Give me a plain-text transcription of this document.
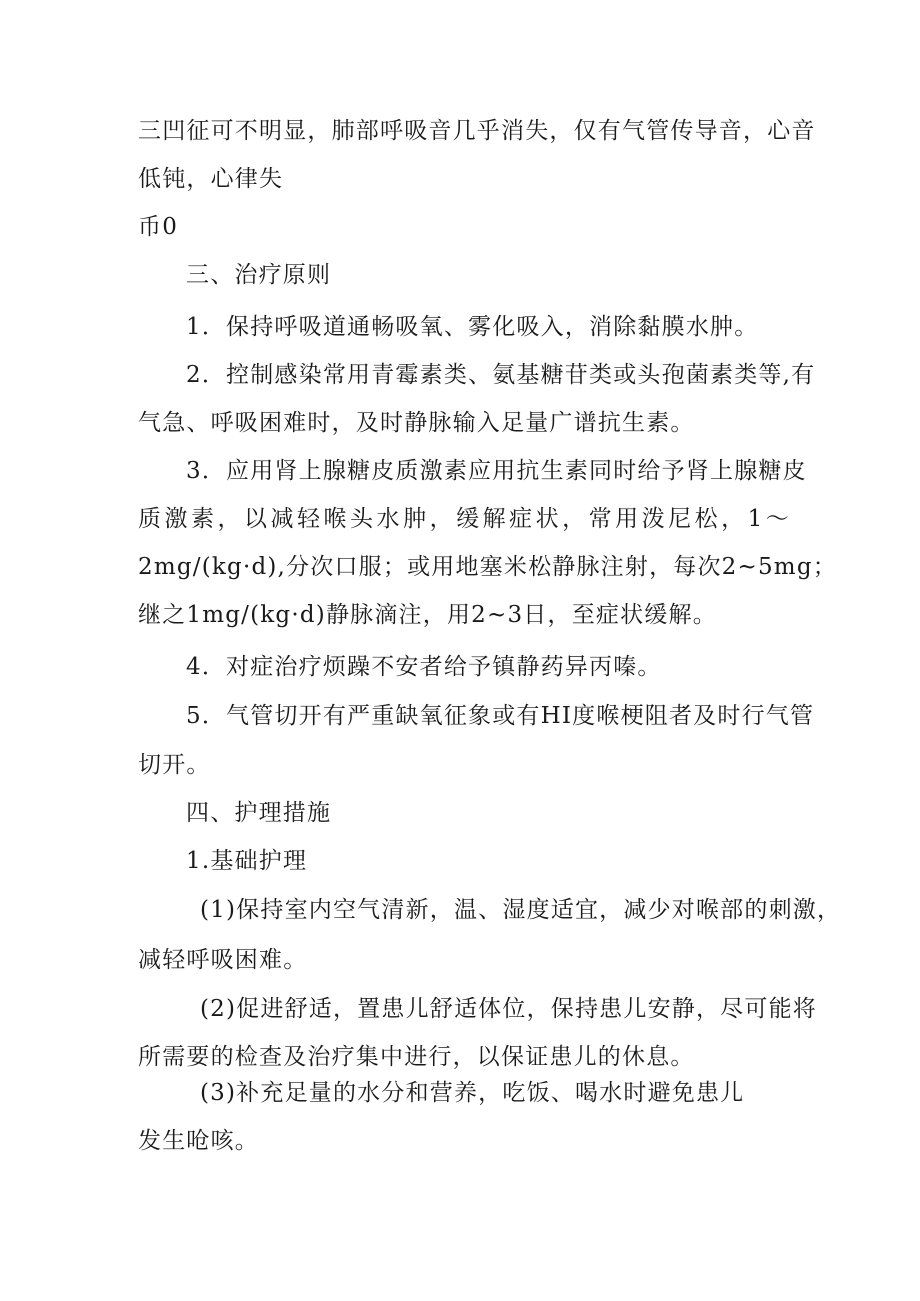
三凹征可不明显，肺部呼吸音几乎消失，仅有气管传导音，心音
低钝，心律失
币0
三、治疗原则
1．保持呼吸道通畅吸氧、雾化吸入，消除黏膜水肿。
2．控制感染常用青霉素类、氨基糖苷类或头孢菌素类等,有
气急、呼吸困难时，及时静脉输入足量广谱抗生素。
3．应用肾上腺糖皮质激素应用抗生素同时给予肾上腺糖皮
质激素，以减轻喉头水肿，缓解症状，常用泼尼松，1～
2mg/(kg·d),分次口服；或用地塞米松静脉注射，每次2~5mg；
继之1mg/(kg·d)静脉滴注，用2~3日，至症状缓解。
4．对症治疗烦躁不安者给予镇静药异丙嗪。
5．气管切开有严重缺氧征象或有HI度喉梗阻者及时行气管
切开。
四、护理措施
1.基础护理
(1)保持室内空气清新，温、湿度适宜，减少对喉部的刺激，
减轻呼吸困难。
(2)促进舒适，置患儿舒适体位，保持患儿安静，尽可能将
所需要的检查及治疗集中进行，以保证患儿的休息。
(3)补充足量的水分和营养，吃饭、喝水时避免患儿
发生呛咳。
